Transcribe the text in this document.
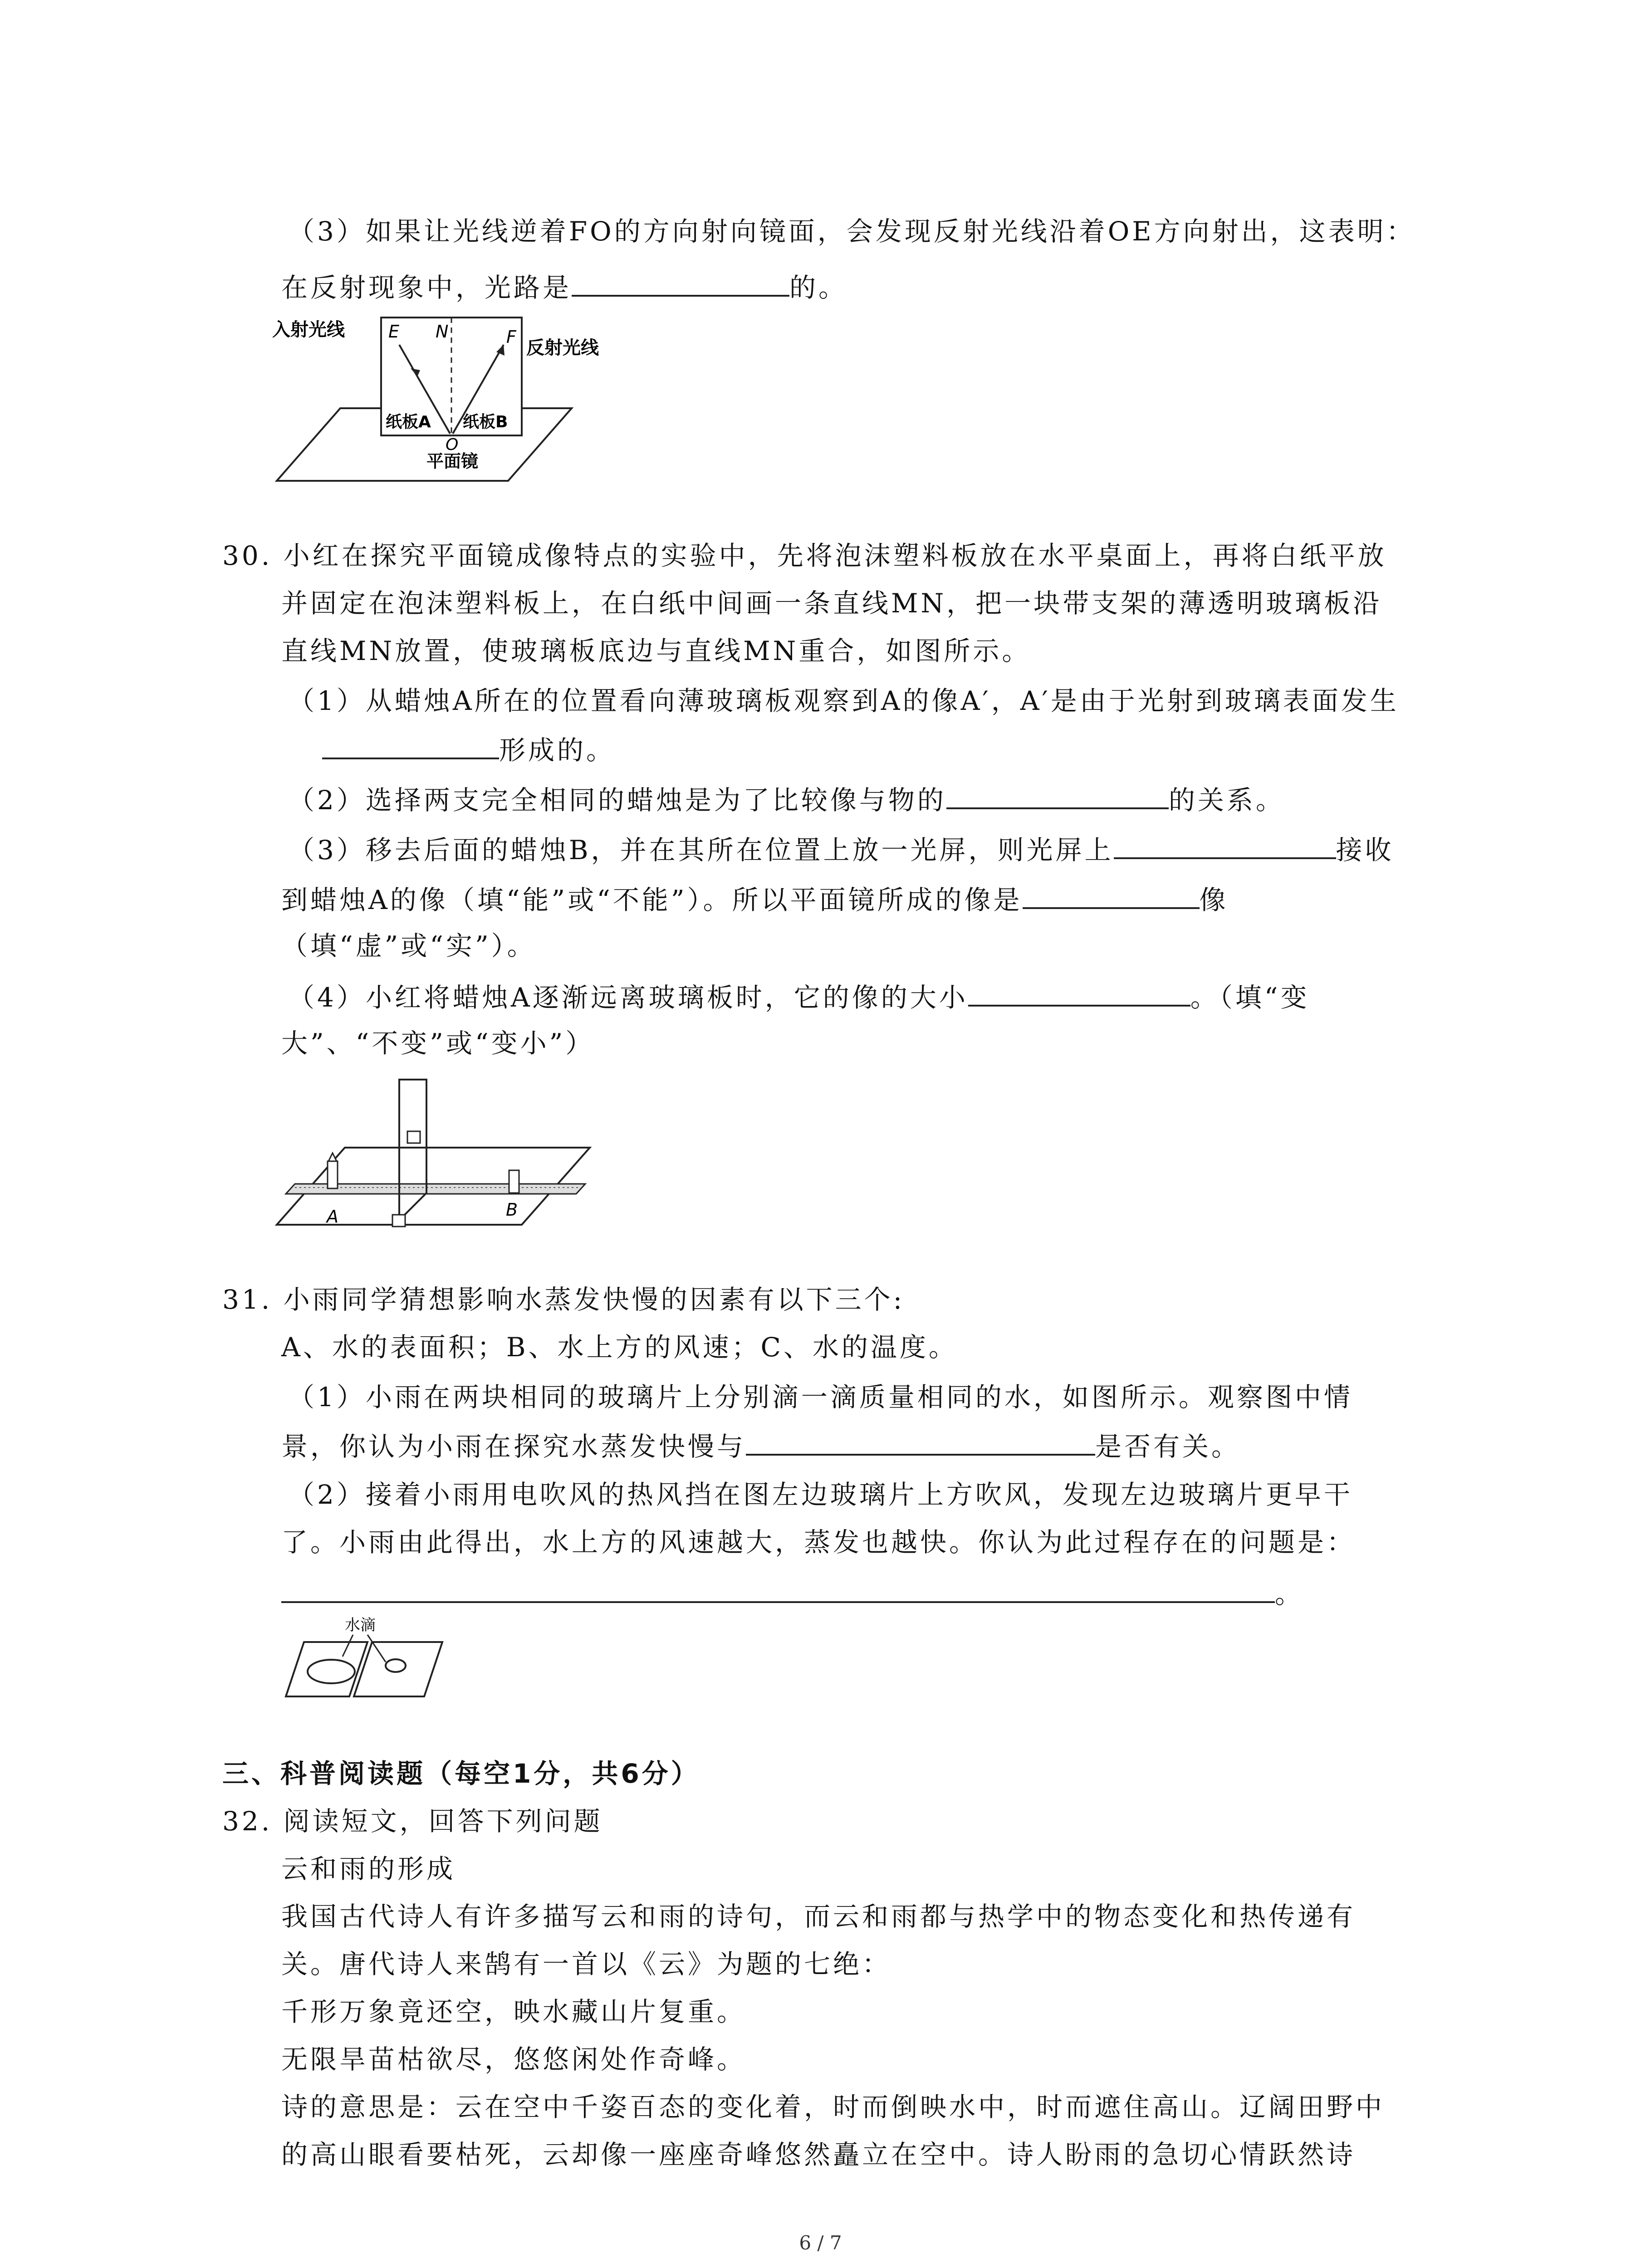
（3）如果让光线逆着FO的方向射向镜面，会发现反射光线沿着OE方向射出，这表明：
在反射现象中，光路是	的。
入射光线
反射光线
E N	F
O
纸板A 纸板B
平面镜
30. 小红在探究平面镜成像特点的实验中，先将泡沫塑料板放在水平桌面上，再将白纸平放
并固定在泡沫塑料板上，在白纸中间画一条直线MN，把一块带支架的薄透明玻璃板沿
直线MN放置，使玻璃板底边与直线MN重合，如图所示。
（1）从蜡烛A所在的位置看向薄玻璃板观察到A的像A′，A′是由于光射到玻璃表面发生
形成的。
（2）选择两支完全相同的蜡烛是为了比较像与物的	的关系。
（3）移去后面的蜡烛B，并在其所在位置上放一光屏，则光屏上	接收
到蜡烛A的像（填“能”或“不能”）。所以平面镜所成的像是	像
（填“虚”或“实”）。
（4）小红将蜡烛A逐渐远离玻璃板时，它的像的大小	。（填“变
大”、“不变”或“变小”）
A	B
31. 小雨同学猜想影响水蒸发快慢的因素有以下三个:
A、水的表面积；B、水上方的风速；C、水的温度。
（1）小雨在两块相同的玻璃片上分别滴一滴质量相同的水，如图所示。观察图中情
景，你认为小雨在探究水蒸发快慢与	是否有关。
（2）接着小雨用电吹风的热风挡在图左边玻璃片上方吹风，发现左边玻璃片更早干
了。小雨由此得出，水上方的风速越大，蒸发也越快。你认为此过程存在的问题是：
。
水滴
三、科普阅读题（每空1分，共6分）
32. 阅读短文，回答下列问题
云和雨的形成
我国古代诗人有许多描写云和雨的诗句，而云和雨都与热学中的物态变化和热传递有
关。唐代诗人来鹄有一首以《云》为题的七绝：
千形万象竟还空，映水藏山片复重。
无限旱苗枯欲尽，悠悠闲处作奇峰。
诗的意思是：云在空中千姿百态的变化着，时而倒映水中，时而遮住高山。辽阔田野中
的高山眼看要枯死，云却像一座座奇峰悠然矗立在空中。诗人盼雨的急切心情跃然诗
6 / 7
